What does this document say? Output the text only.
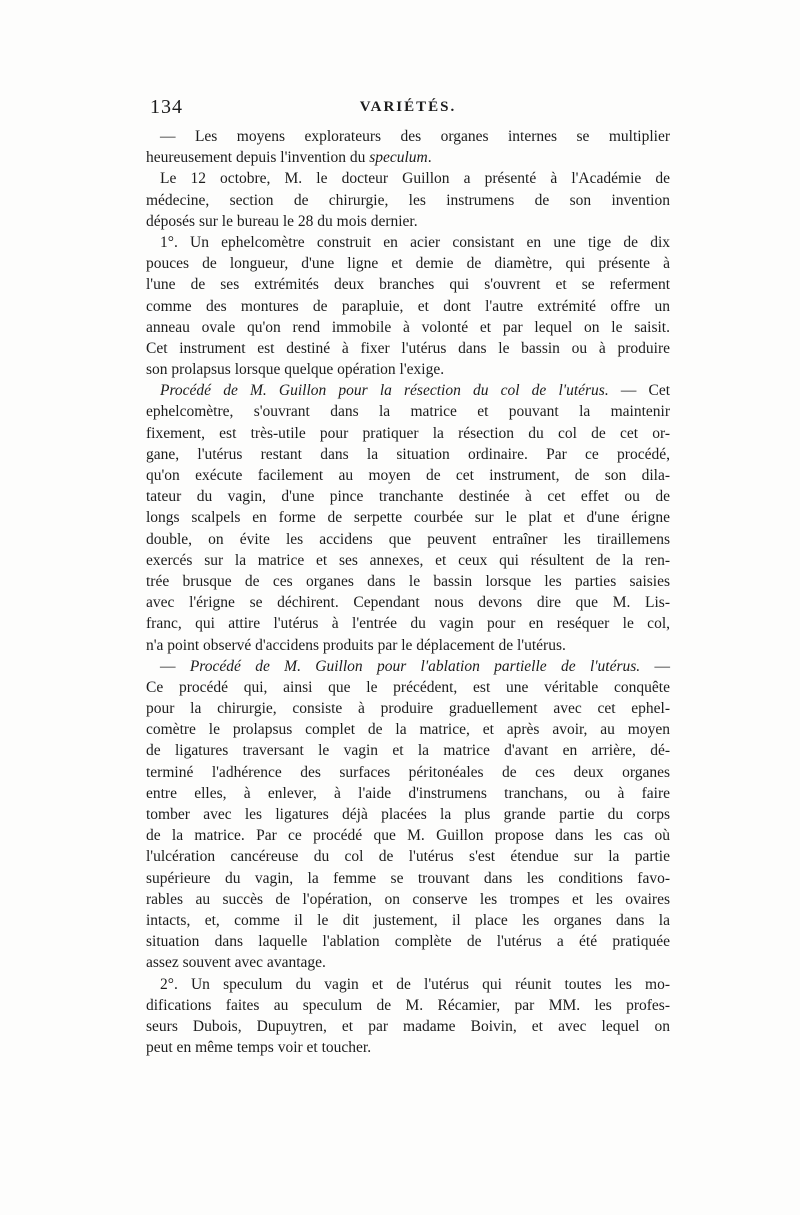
134	VARIÉTÉS.
— Les moyens explorateurs des organes internes se multiplier
heureusement depuis l'invention du speculum.
Le 12 octobre, M. le docteur Guillon a présenté à l'Académie de
médecine, section de chirurgie, les instrumens de son invention
déposés sur le bureau le 28 du mois dernier.
1°. Un ephelcomètre construit en acier consistant en une tige de dix
pouces de longueur, d'une ligne et demie de diamètre, qui présente à
l'une de ses extrémités deux branches qui s'ouvrent et se referment
comme des montures de parapluie, et dont l'autre extrémité offre un
anneau ovale qu'on rend immobile à volonté et par lequel on le saisit.
Cet instrument est destiné à fixer l'utérus dans le bassin ou à produire
son prolapsus lorsque quelque opération l'exige.
Procédé de M. Guillon pour la résection du col de l'utérus. — Cet
ephelcomètre, s'ouvrant dans la matrice et pouvant la maintenir
fixement, est très-utile pour pratiquer la résection du col de cet or-
gane, l'utérus restant dans la situation ordinaire. Par ce procédé,
qu'on exécute facilement au moyen de cet instrument, de son dila-
tateur du vagin, d'une pince tranchante destinée à cet effet ou de
longs scalpels en forme de serpette courbée sur le plat et d'une érigne
double, on évite les accidens que peuvent entraîner les tiraillemens
exercés sur la matrice et ses annexes, et ceux qui résultent de la ren-
trée brusque de ces organes dans le bassin lorsque les parties saisies
avec l'érigne se déchirent. Cependant nous devons dire que M. Lis-
franc, qui attire l'utérus à l'entrée du vagin pour en reséquer le col,
n'a point observé d'accidens produits par le déplacement de l'utérus.
— Procédé de M. Guillon pour l'ablation partielle de l'utérus. —
Ce procédé qui, ainsi que le précédent, est une véritable conquête
pour la chirurgie, consiste à produire graduellement avec cet ephel-
comètre le prolapsus complet de la matrice, et après avoir, au moyen
de ligatures traversant le vagin et la matrice d'avant en arrière, dé-
terminé l'adhérence des surfaces péritonéales de ces deux organes
entre elles, à enlever, à l'aide d'instrumens tranchans, ou à faire
tomber avec les ligatures déjà placées la plus grande partie du corps
de la matrice. Par ce procédé que M. Guillon propose dans les cas où
l'ulcération cancéreuse du col de l'utérus s'est étendue sur la partie
supérieure du vagin, la femme se trouvant dans les conditions favo-
rables au succès de l'opération, on conserve les trompes et les ovaires
intacts, et, comme il le dit justement, il place les organes dans la
situation dans laquelle l'ablation complète de l'utérus a été pratiquée
assez souvent avec avantage.
2°. Un speculum du vagin et de l'utérus qui réunit toutes les mo-
difications faites au speculum de M. Récamier, par MM. les profes-
seurs Dubois, Dupuytren, et par madame Boivin, et avec lequel on
peut en même temps voir et toucher.
